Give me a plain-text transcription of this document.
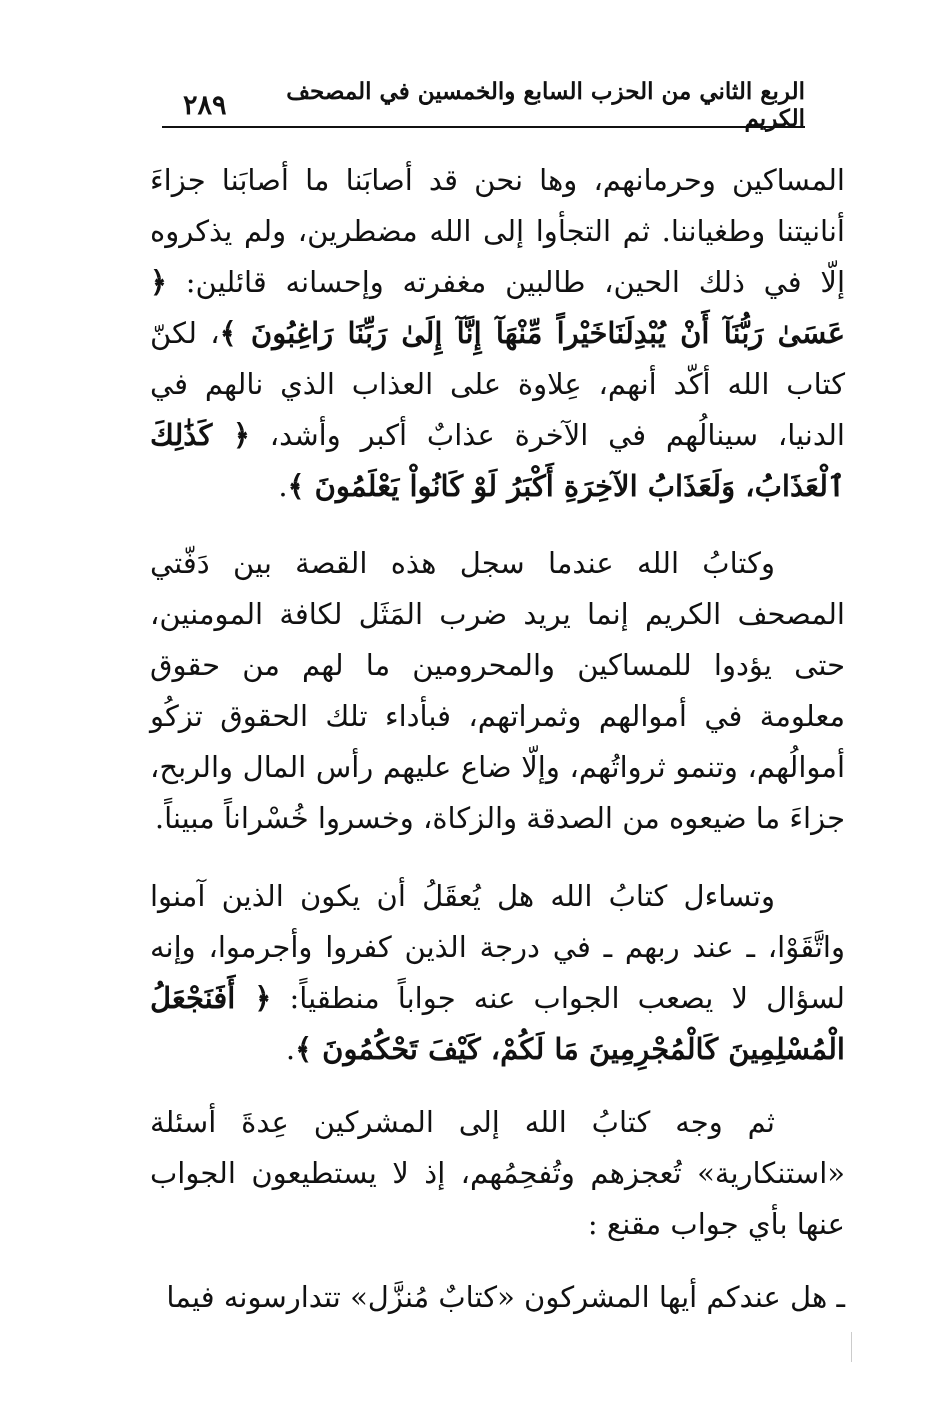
الربع الثاني من الحزب السابع والخمسين في المصحف الكريم
٢٨٩

المساكين وحرمانهم، وها نحن قد أصابَنا ما أصابَنا جزاءَ أنانيتنا وطغياننا. ثم التجأوا إلى الله مضطرين، ولم يذكروه إلّا في ذلك الحين، طالبين مغفرته وإحسانه قائلين: ﴿ عَسَىٰ رَبُّنَآ أَنْ يُبْدِلَنَاخَيْراً مِّنْهَآ إِنَّآ إِلَىٰ رَبِّنَا رَاغِبُونَ ﴾، لكنّ كتاب الله أكّد أنهم، عِلاوة على العذاب الذي نالهم في الدنيا، سينالُهم في الآخرة عذابٌ أكبر وأشد، ﴿ كَذَٰلِكَ ٱلْعَذَابُ، وَلَعَذَابُ الآخِرَةِ أَكْبَرُ لَوْ كَانُواْ يَعْلَمُونَ ﴾.

وكتابُ الله عندما سجل هذه القصة بين دَفّتي المصحف الكريم إنما يريد ضرب المَثَل لكافة المومنين، حتى يؤدوا للمساكين والمحرومين ما لهم من حقوق معلومة في أموالهم وثمراتهم، فبأداء تلك الحقوق تزكُو أموالُهم، وتنمو ثرواتُهم، وإلّا ضاع عليهم رأس المال والربح، جزاءَ ما ضيعوه من الصدقة والزكاة، وخسروا خُسْراناً مبيناً.

وتساءل كتابُ الله هل يُعقَلُ أن يكون الذين آمنوا واتَّقَوْا، ـ عند ربهم ـ في درجة الذين كفروا وأجرموا، وإنه لسؤال لا يصعب الجواب عنه جواباً منطقياً: ﴿ أَفَنَجْعَلُ الْمُسْلِمِينَ كَالْمُجْرِمِينَ مَا لَكُمْ، كَيْفَ تَحْكُمُونَ ﴾.

ثم وجه كتابُ الله إلى المشركين عِدةَ أسئلة «استنكارية» تُعجزهم وتُفحِمُهم، إذ لا يستطيعون الجواب عنها بأي جواب مقنع :

ـ هل عندكم أيها المشركون «كتابٌ مُنزَّل» تتدارسونه فيما
